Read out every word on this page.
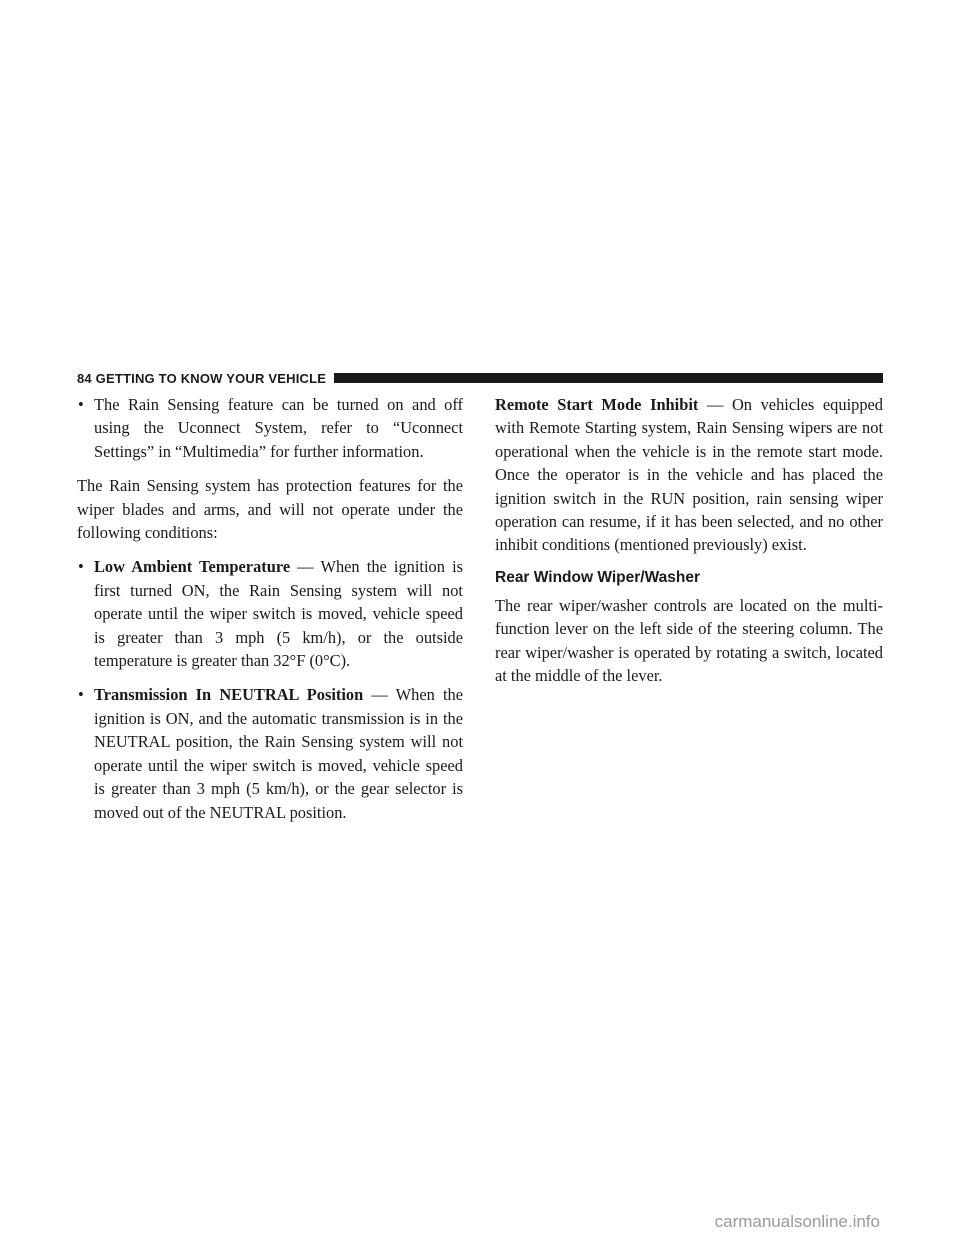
84 GETTING TO KNOW YOUR VEHICLE

• The Rain Sensing feature can be turned on and off using the Uconnect System, refer to “Uconnect Settings” in “Multimedia” for further information.

The Rain Sensing system has protection features for the wiper blades and arms, and will not operate under the following conditions:

• Low Ambient Temperature — When the ignition is first turned ON, the Rain Sensing system will not operate until the wiper switch is moved, vehicle speed is greater than 3 mph (5 km/h), or the outside temperature is greater than 32°F (0°C).

• Transmission In NEUTRAL Position — When the ignition is ON, and the automatic transmission is in the NEUTRAL position, the Rain Sensing system will not operate until the wiper switch is moved, vehicle speed is greater than 3 mph (5 km/h), or the gear selector is moved out of the NEUTRAL position.

Remote Start Mode Inhibit — On vehicles equipped with Remote Starting system, Rain Sensing wipers are not operational when the vehicle is in the remote start mode. Once the operator is in the vehicle and has placed the ignition switch in the RUN position, rain sensing wiper operation can resume, if it has been selected, and no other inhibit conditions (mentioned previously) exist.

Rear Window Wiper/Washer

The rear wiper/washer controls are located on the multi-function lever on the left side of the steering column. The rear wiper/washer is operated by rotating a switch, located at the middle of the lever.

carmanualsonline.info
